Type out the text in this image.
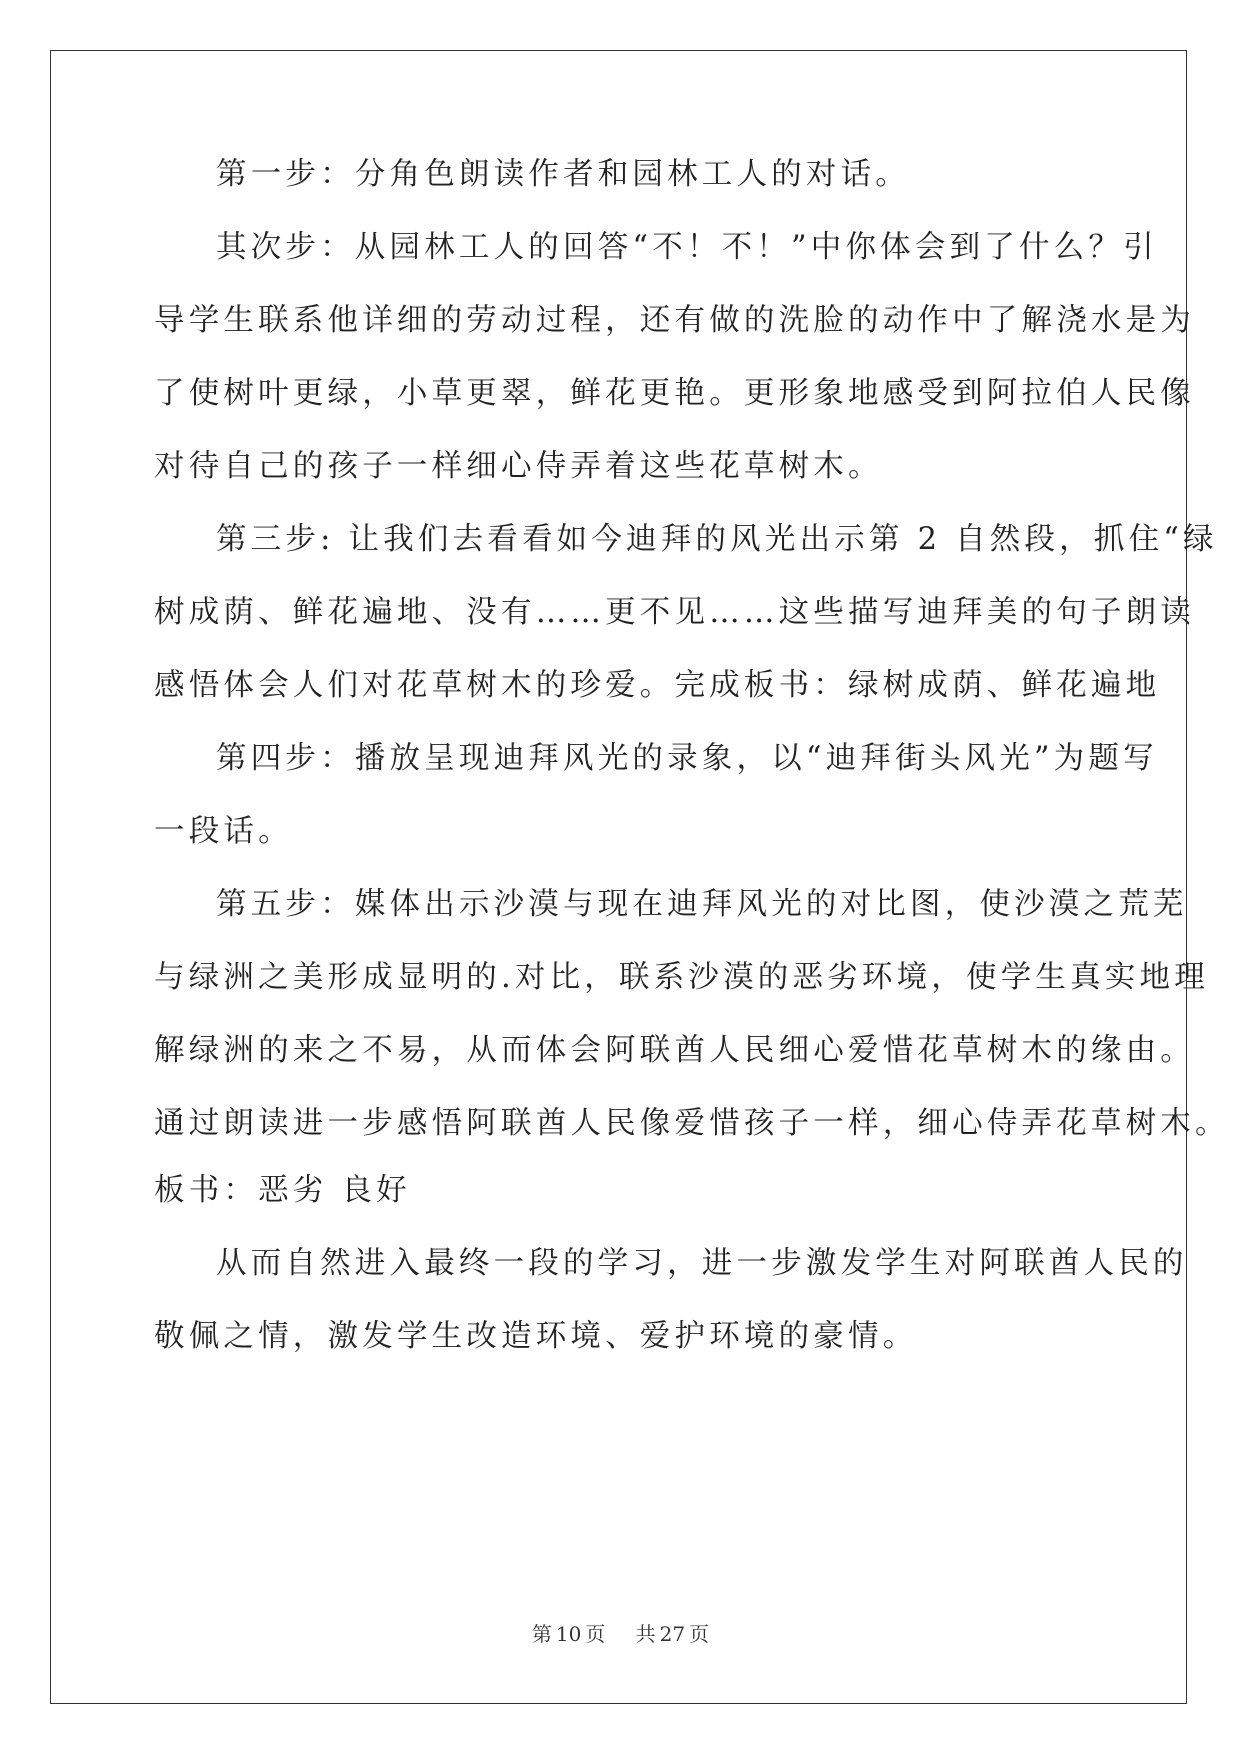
第一步：分角色朗读作者和园林工人的对话。
其次步：从园林工人的回答“不！不！”中你体会到了什么？引
导学生联系他详细的劳动过程，还有做的洗脸的动作中了解浇水是为
了使树叶更绿，小草更翠，鲜花更艳。更形象地感受到阿拉伯人民像
对待自己的孩子一样细心侍弄着这些花草树木。
第三步: 让我们去看看如今迪拜的风光出示第 2 自然段，抓住“绿
树成荫、鲜花遍地、没有……更不见……这些描写迪拜美的句子朗读
感悟体会人们对花草树木的珍爱。完成板书：绿树成荫、鲜花遍地
第四步：播放呈现迪拜风光的录象，以“迪拜街头风光”为题写
一段话。
第五步：媒体出示沙漠与现在迪拜风光的对比图，使沙漠之荒芜
与绿洲之美形成显明的.对比，联系沙漠的恶劣环境，使学生真实地理
解绿洲的来之不易，从而体会阿联酋人民细心爱惜花草树木的缘由。
通过朗读进一步感悟阿联酋人民像爱惜孩子一样，细心侍弄花草树木。
板书：恶劣 良好
从而自然进入最终一段的学习，进一步激发学生对阿联酋人民的
敬佩之情，激发学生改造环境、爱护环境的豪情。
第 10 页 共 27 页
